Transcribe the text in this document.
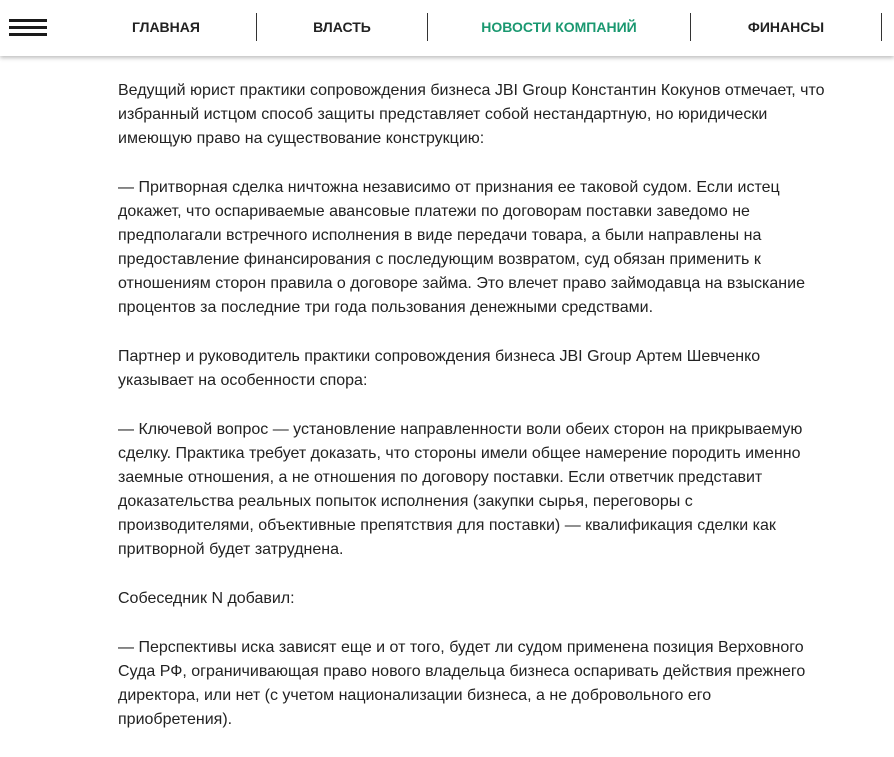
ГЛАВНАЯ	ВЛАСТЬ	НОВОСТИ КОМПАНИЙ	ФИНАНСЫ

Ведущий юрист практики сопровождения бизнеса JBI Group Константин Кокунов отмечает, что избранный истцом способ защиты представляет собой нестандартную, но юридически имеющую право на существование конструкцию:

— Притворная сделка ничтожна независимо от признания ее таковой судом. Если истец докажет, что оспариваемые авансовые платежи по договорам поставки заведомо не предполагали встречного исполнения в виде передачи товара, а были направлены на предоставление финансирования с последующим возвратом, суд обязан применить к отношениям сторон правила о договоре займа. Это влечет право займодавца на взыскание процентов за последние три года пользования денежными средствами.

Партнер и руководитель практики сопровождения бизнеса JBI Group Артем Шевченко указывает на особенности спора:

— Ключевой вопрос — установление направленности воли обеих сторон на прикрываемую сделку. Практика требует доказать, что стороны имели общее намерение породить именно заемные отношения, а не отношения по договору поставки. Если ответчик представит доказательства реальных попыток исполнения (закупки сырья, переговоры с производителями, объективные препятствия для поставки) — квалификация сделки как притворной будет затруднена.

Собеседник N добавил:

— Перспективы иска зависят еще и от того, будет ли судом применена позиция Верховного Суда РФ, ограничивающая право нового владельца бизнеса оспаривать действия прежнего директора, или нет (с учетом национализации бизнеса, а не добровольного его приобретения).
